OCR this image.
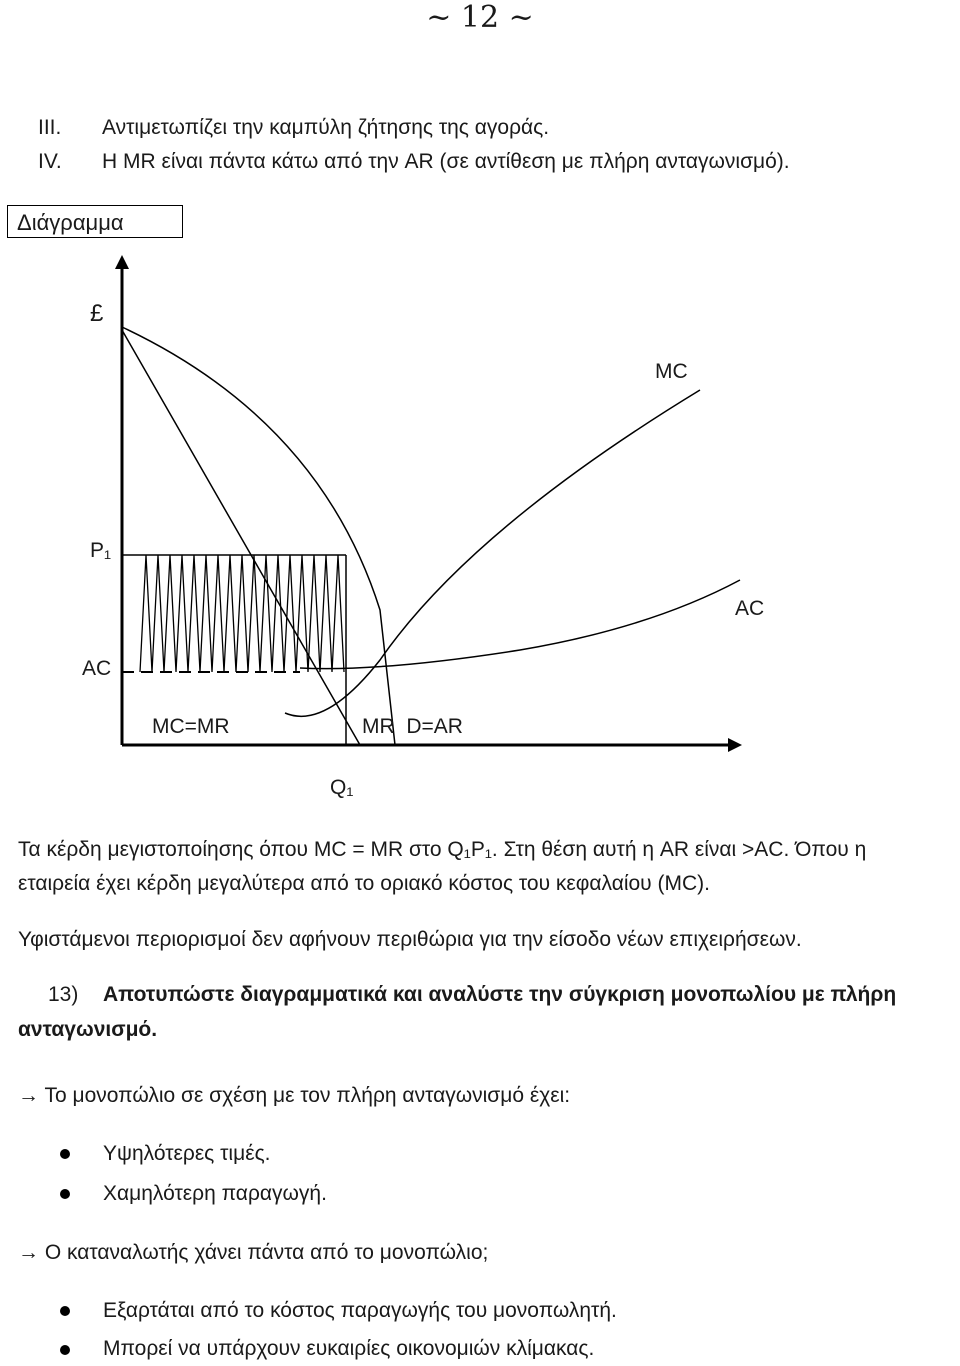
~ 12 ~
III. Αντιμετωπίζει την καμπύλη ζήτησης της αγοράς.
IV. Η MR είναι πάντα κάτω από την AR (σε αντίθεση με πλήρη ανταγωνισμό).
Διάγραμμα
£
MC
P₁
AC
AC
MC=MR	MR  D=AR
Q₁
Τα κέρδη μεγιστοποίησης όπου MC = MR στο Q₁P₁. Στη θέση αυτή η AR είναι >AC. Όπου η
εταιρεία έχει κέρδη μεγαλύτερα από το οριακό κόστος του κεφαλαίου (MC).
Υφιστάμενοι περιορισμοί δεν αφήνουν περιθώρια για την είσοδο νέων επιχειρήσεων.
13) Αποτυπώστε διαγραμματικά και αναλύστε την σύγκριση μονοπωλίου με πλήρη
ανταγωνισμό.
→ Το μονοπώλιο σε σχέση με τον πλήρη ανταγωνισμό έχει:
Υψηλότερες τιμές.
Χαμηλότερη παραγωγή.
→ Ο καταναλωτής χάνει πάντα από το μονοπώλιο;
Εξαρτάται από το κόστος παραγωγής του μονοπωλητή.
Μπορεί να υπάρχουν ευκαιρίες οικονομιών κλίμακας.
